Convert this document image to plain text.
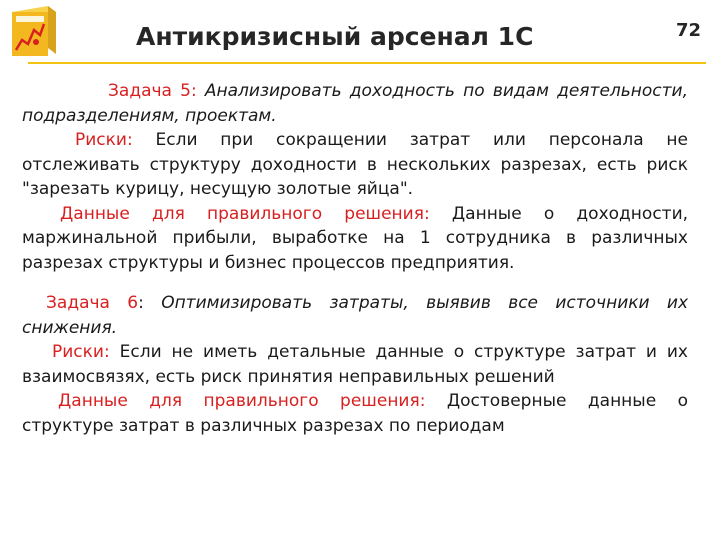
Антикризисный арсенал 1С	72

Задача 5: Анализировать доходность по видам деятельности, подразделениям, проектам.

Риски: Если при сокращении затрат или персонала не отслеживать структуру доходности в нескольких разрезах, есть риск "зарезать курицу, несущую золотые яйца".

Данные для правильного решения: Данные о доходности, маржинальной прибыли, выработке на 1 сотрудника в различных разрезах структуры и бизнес процессов предприятия.

Задача 6: Оптимизировать затраты, выявив все источники их снижения.

Риски: Если не иметь детальные данные о структуре затрат и их взаимосвязях, есть риск принятия неправильных решений

Данные для правильного решения: Достоверные данные о структуре затрат в различных разрезах по периодам
